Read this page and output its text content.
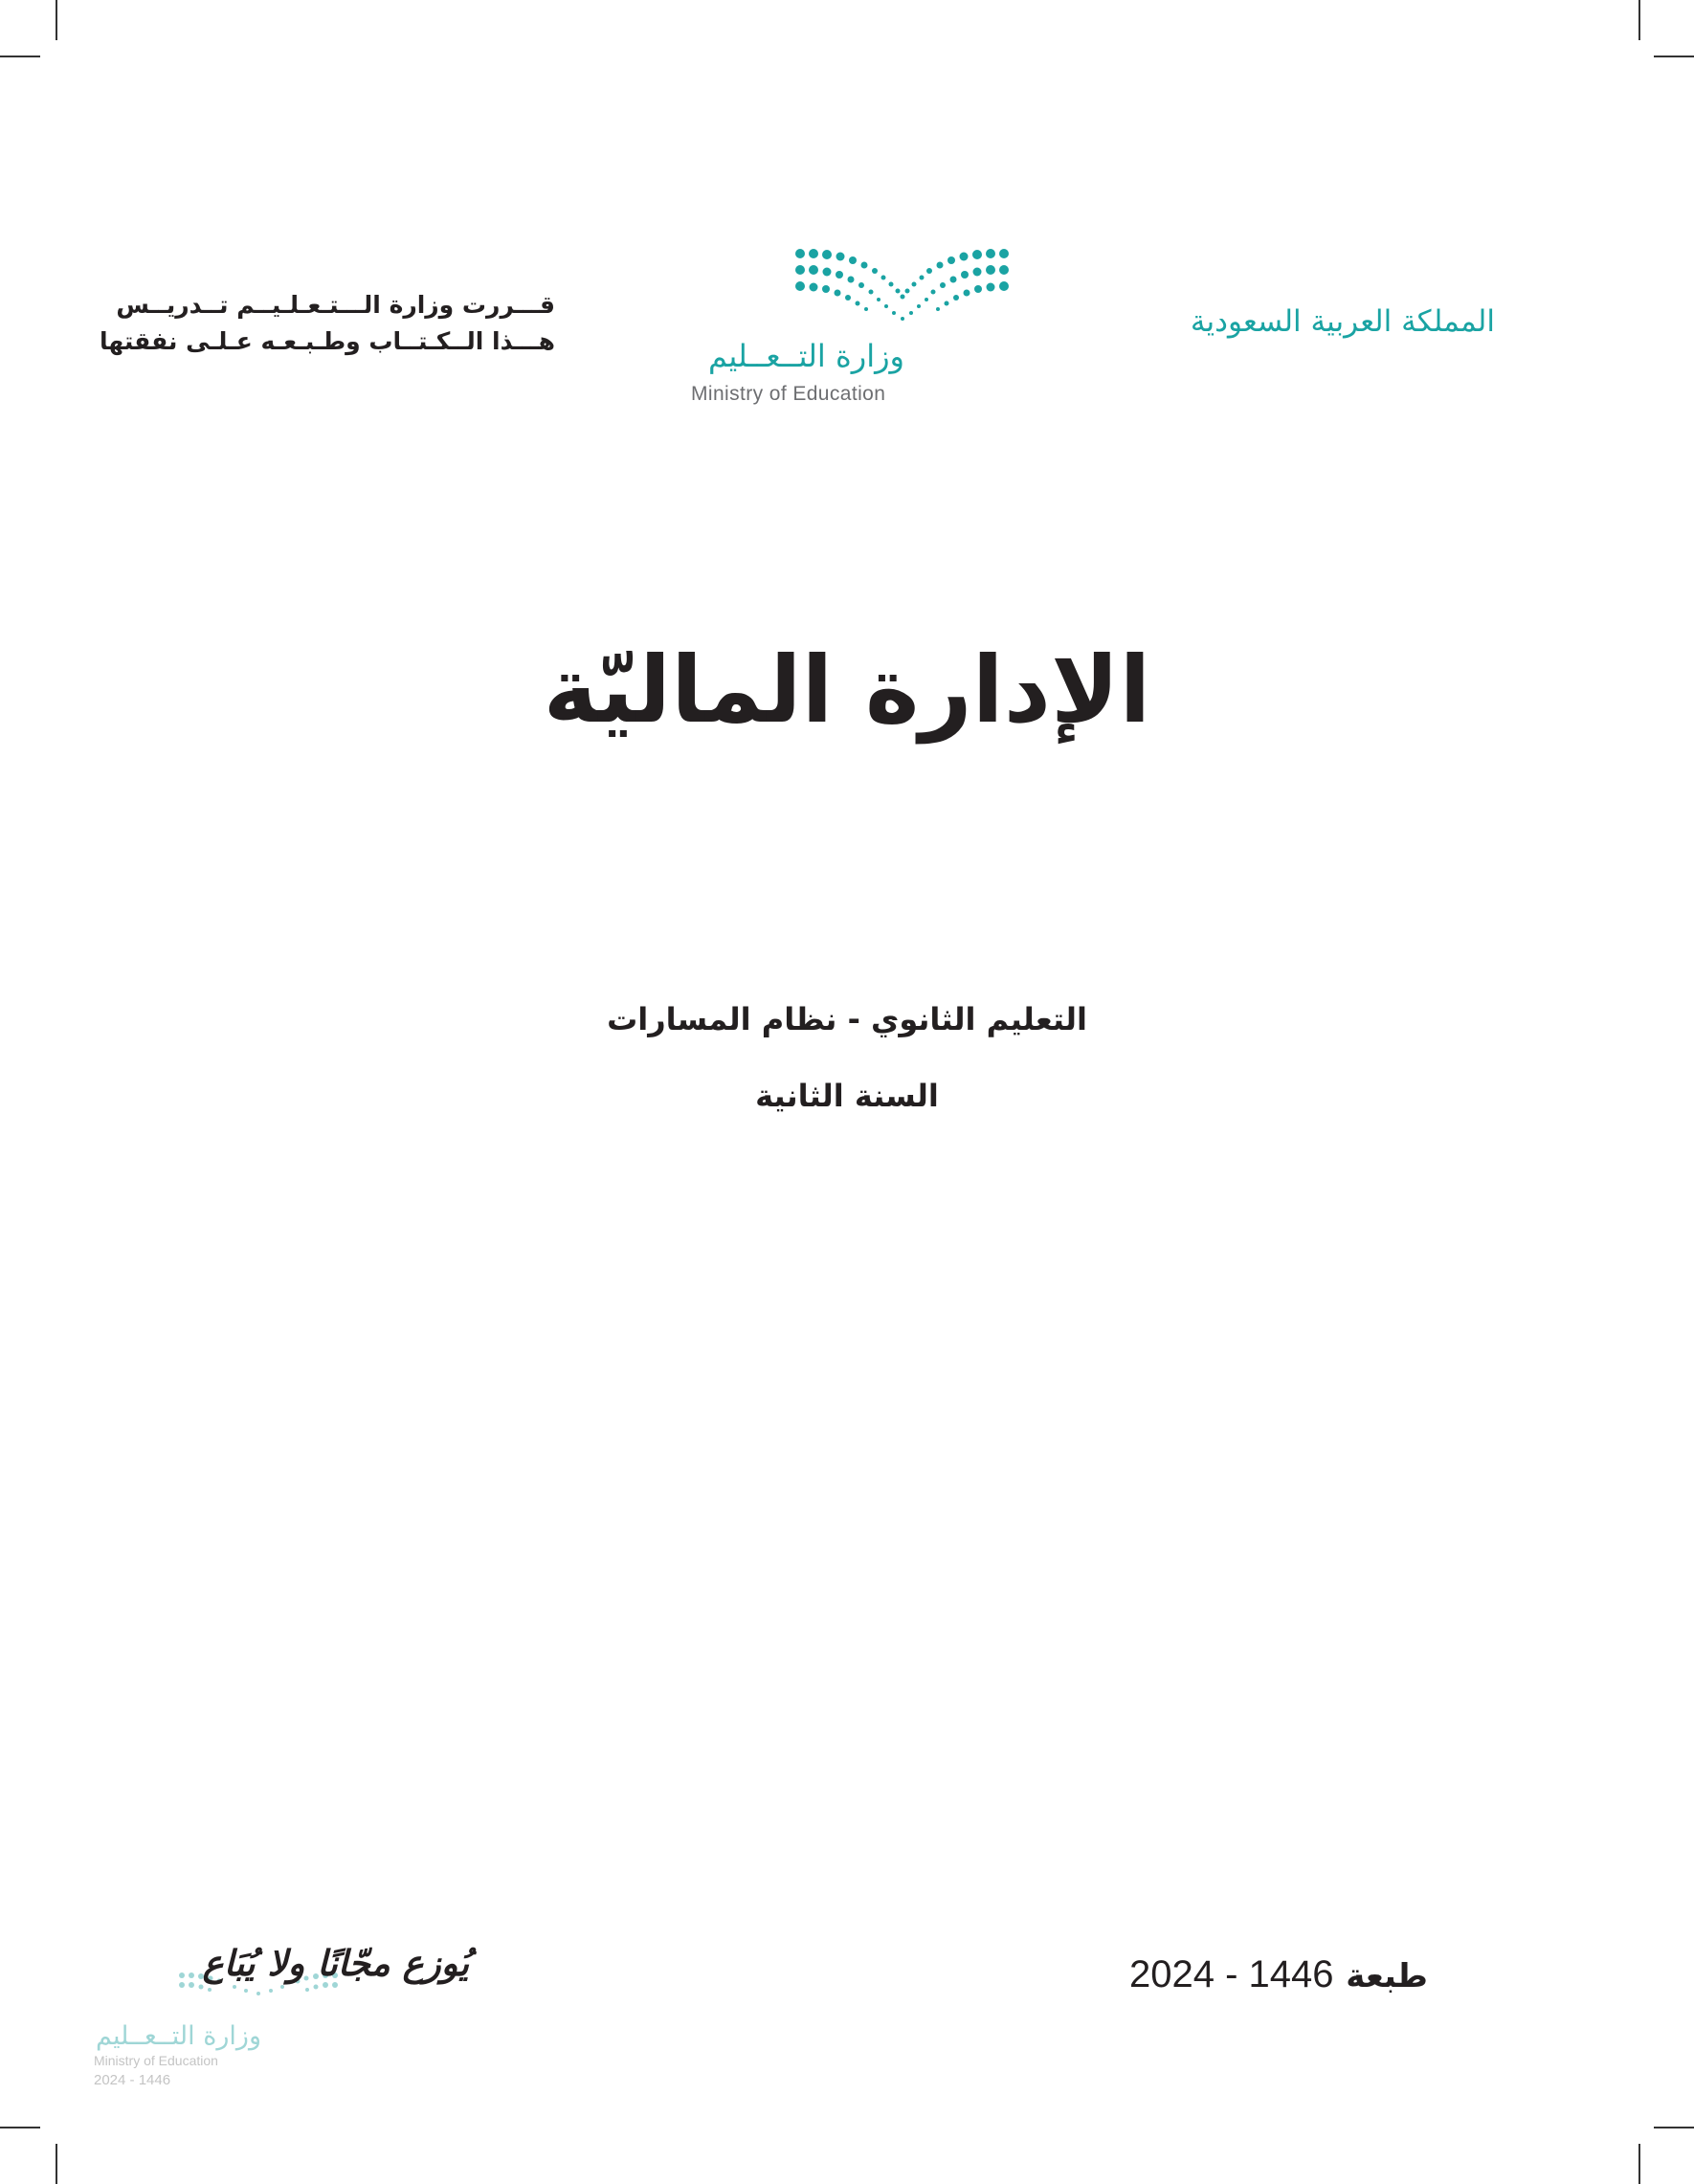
المملكة العربية السعودية
قـــررت وزارة الـــتـعـلـيــم تــدريــس
هـــذا الــكـتــاب وطـبـعـه عـلـى نفقتها	وزارة التــعــليم
Ministry of Education
الإدارة الماليّة
التعليم الثانوي - نظام المسارات
السنة الثانية
يُوزع مجّانًا ولا يُبَاع	2024 - 1446 طبعة
وزارة التــعــليم
Ministry of Education
2024 - 1446
